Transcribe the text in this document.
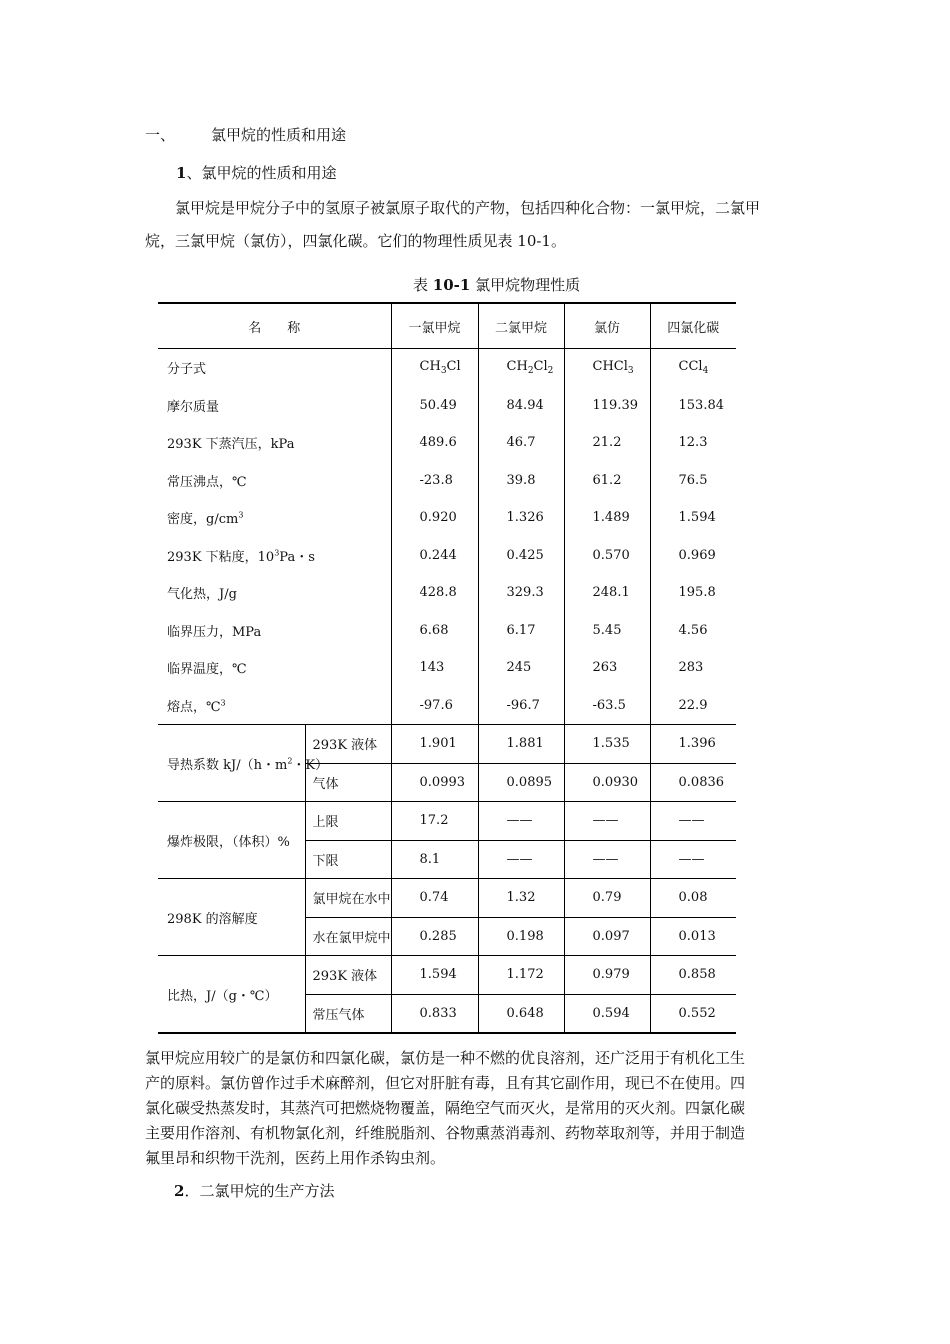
一、 氯甲烷的性质和用途
1、氯甲烷的性质和用途
氯甲烷是甲烷分子中的氢原子被氯原子取代的产物，包括四种化合物：一氯甲烷，二氯甲
烷，三氯甲烷（氯仿），四氯化碳。它们的物理性质见表 10-1。
表 10-1 氯甲烷物理性质
名　　称		一氯甲烷	二氯甲烷	氯仿	四氯化碳
分子式		$CH_3Cl$	$CH_2Cl_2$	CHCl$_3$	CCl$_4$
摩尔质量		50.49	84.94	119.39	153.84
293K 下蒸汽压，kPa		489.6	46.7	21.2	12.3
常压沸点，℃		-23.8	39.8	61.2	76.5
密度，$g/cm^3$		0.920	1.326	1.489	1.594
293K 下粘度，$10^3Pa$・s		0.244	0.425	0.570	0.969
气化热，J/g		428.8	329.3	248.1	195.8
临界压力，MPa		6.68	6.17	5.45	4.56
临界温度，℃		143	245	263	283
熔点，℃$^3$		-97.6	-96.7	-63.5	22.9
导热系数 kJ/（h・$m^2$・K）	293K 液体	1.901	1.881	1.535	1.396
	气体	0.0993	0.0895	0.0930	0.0836
爆炸极限，（体积）%	上限	17.2	——	——	——
	下限	8.1	——	——	——
298K 的溶解度	氯甲烷在水中	0.74	1.32	0.79	0.08
	水在氯甲烷中	0.285	0.198	0.097	0.013
比热，J/（g・℃）	293K 液体	1.594	1.172	0.979	0.858
	常压气体	0.833	0.648	0.594	0.552
氯甲烷应用较广的是氯仿和四氯化碳，氯仿是一种不燃的优良溶剂，还广泛用于有机化工生
产的原料。氯仿曾作过手术麻醉剂，但它对肝脏有毒，且有其它副作用，现已不在使用。四
氯化碳受热蒸发时，其蒸汽可把燃烧物覆盖，隔绝空气而灭火，是常用的灭火剂。四氯化碳
主要用作溶剂、有机物氯化剂，纤维脱脂剂、谷物熏蒸消毒剂、药物萃取剂等，并用于制造
氟里昂和织物干洗剂，医药上用作杀钩虫剂。
2．二氯甲烷的生产方法
